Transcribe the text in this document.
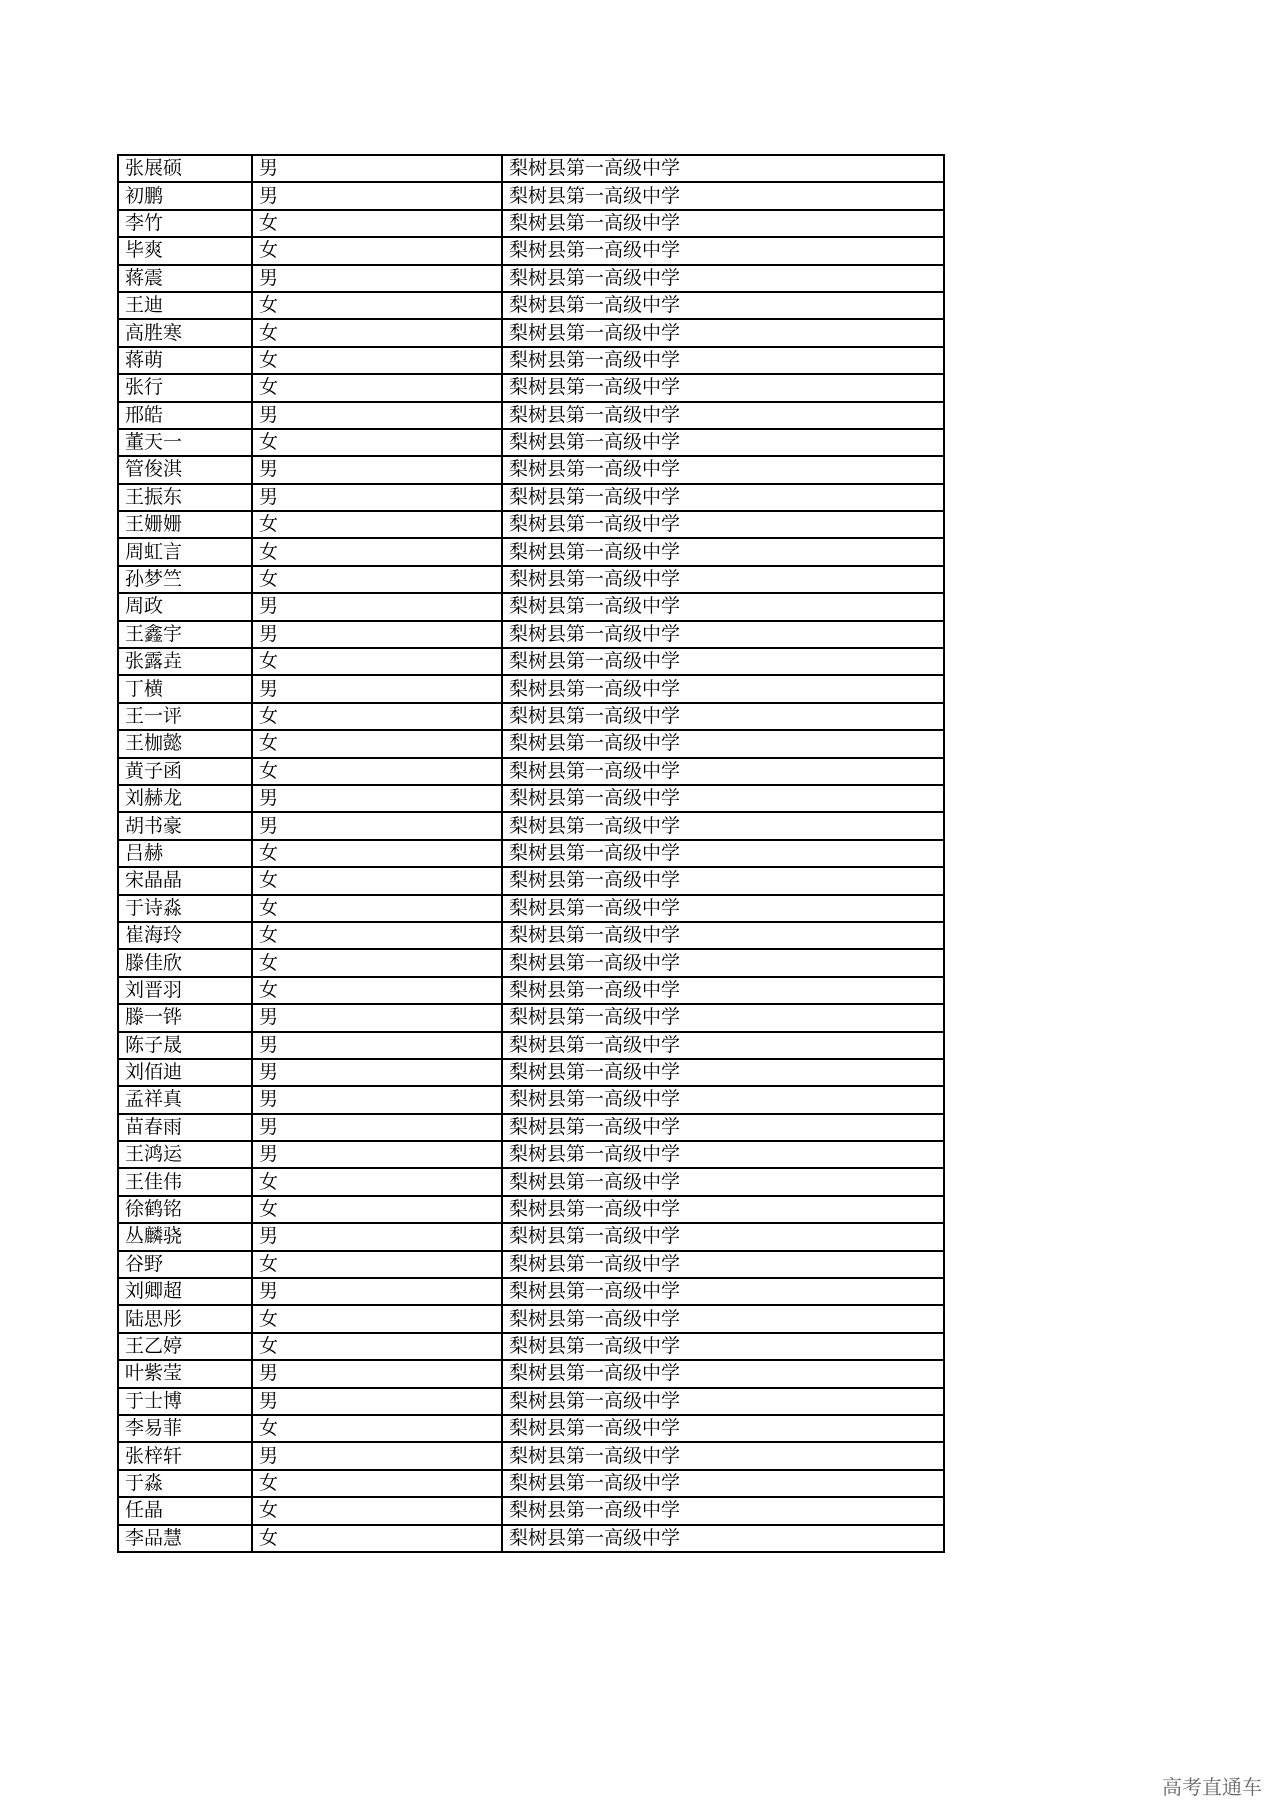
张展硕	男	梨树县第一高级中学
初鹏	男	梨树县第一高级中学
李竹	女	梨树县第一高级中学
毕爽	女	梨树县第一高级中学
蒋震	男	梨树县第一高级中学
王迪	女	梨树县第一高级中学
高胜寒	女	梨树县第一高级中学
蒋萌	女	梨树县第一高级中学
张行	女	梨树县第一高级中学
邢皓	男	梨树县第一高级中学
董天一	女	梨树县第一高级中学
管俊淇	男	梨树县第一高级中学
王振东	男	梨树县第一高级中学
王姗姗	女	梨树县第一高级中学
周虹言	女	梨树县第一高级中学
孙梦竺	女	梨树县第一高级中学
周政	男	梨树县第一高级中学
王鑫宇	男	梨树县第一高级中学
张露垚	女	梨树县第一高级中学
丁横	男	梨树县第一高级中学
王一评	女	梨树县第一高级中学
王枷懿	女	梨树县第一高级中学
黄子函	女	梨树县第一高级中学
刘赫龙	男	梨树县第一高级中学
胡书豪	男	梨树县第一高级中学
吕赫	女	梨树县第一高级中学
宋晶晶	女	梨树县第一高级中学
于诗淼	女	梨树县第一高级中学
崔海玲	女	梨树县第一高级中学
滕佳欣	女	梨树县第一高级中学
刘晋羽	女	梨树县第一高级中学
滕一铧	男	梨树县第一高级中学
陈子晟	男	梨树县第一高级中学
刘佰迪	男	梨树县第一高级中学
孟祥真	男	梨树县第一高级中学
苗春雨	男	梨树县第一高级中学
王鸿运	男	梨树县第一高级中学
王佳伟	女	梨树县第一高级中学
徐鹤铭	女	梨树县第一高级中学
丛麟骁	男	梨树县第一高级中学
谷野	女	梨树县第一高级中学
刘卿超	男	梨树县第一高级中学
陆思彤	女	梨树县第一高级中学
王乙婷	女	梨树县第一高级中学
叶紫莹	男	梨树县第一高级中学
于士博	男	梨树县第一高级中学
李易菲	女	梨树县第一高级中学
张梓轩	男	梨树县第一高级中学
于淼	女	梨树县第一高级中学
任晶	女	梨树县第一高级中学
李品慧	女	梨树县第一高级中学
高考直通车
